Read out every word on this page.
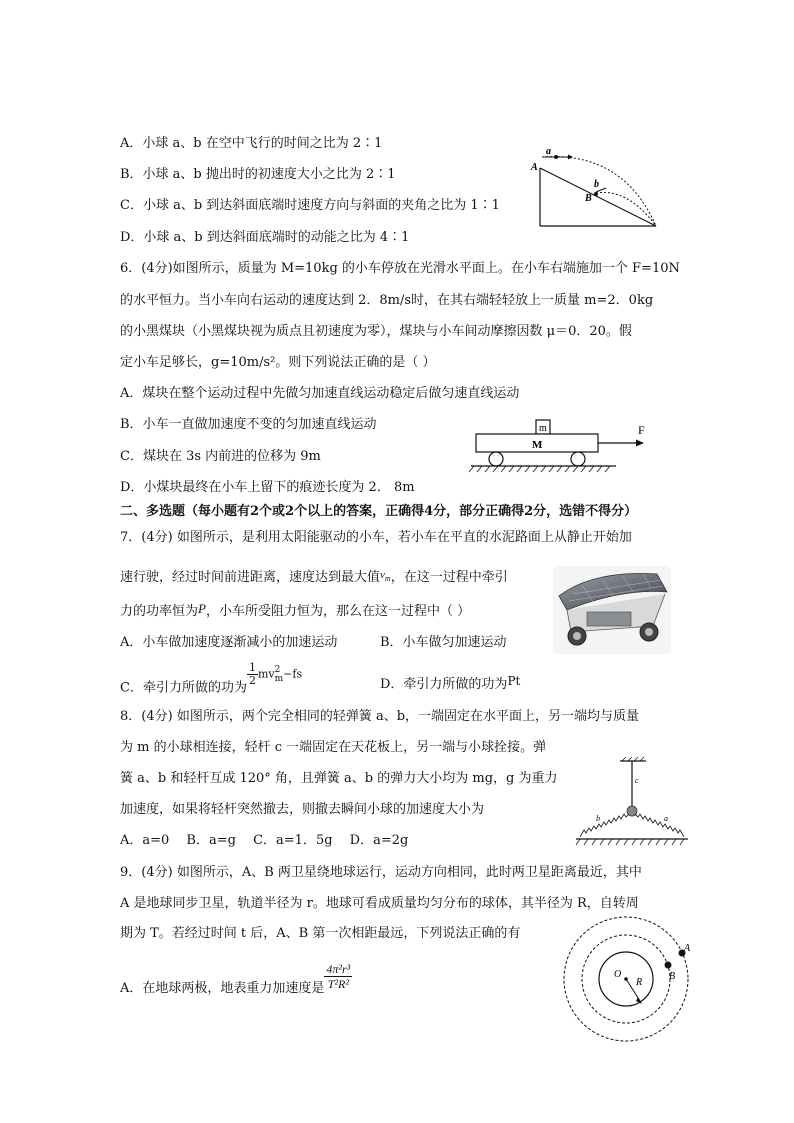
A．小球 a、b 在空中飞行的时间之比为 2∶1
B．小球 a、b 抛出时的初速度大小之比为 2∶1
C．小球 a、b 到达斜面底端时速度方向与斜面的夹角之比为 1∶1
D．小球 a、b 到达斜面底端时的动能之比为 4∶1
a
A
b
B
6．(4分)如图所示，质量为 M=10kg 的小车停放在光滑水平面上。在小车右端施加一个 F=10N
的水平恒力。当小车向右运动的速度达到 2．8m/s时，在其右端轻轻放上一质量 m=2．0kg
的小黑煤块（小黑煤块视为质点且初速度为零），煤块与小车间动摩擦因数 μ＝0．20。假
定小车足够长，g=10m/s²。则下列说法正确的是（ ）
A．煤块在整个运动过程中先做匀加速直线运动稳定后做匀速直线运动
B．小车一直做加速度不变的匀加速直线运动
C．煤块在 3s 内前进的位移为 9m
D．小煤块最终在小车上留下的痕迹长度为 2． 8m
m
M
F
二、多选题（每小题有2个或2个以上的答案，正确得4分，部分正确得2分，选错不得分）
7．(4分) 如图所示，是利用太阳能驱动的小车，若小车在平直的水泥路面上从静止开始加
速行驶，经过时间前进距离，速度达到最大值$^{v_m}$，在这一过程中牵引
力的功率恒为P，小车所受阻力恒为，那么在这一过程中（ ）
A．小车做加速度逐渐减小的加速运动	B．小车做匀加速运动
C．牵引力所做的功为
$\frac{1}{2}$ mv 2
m −fs
D．牵引力所做的功为Pt
8．(4分) 如图所示，两个完全相同的轻弹簧 a、b，一端固定在水平面上，另一端均与质量
为 m 的小球相连接，轻杆 c 一端固定在天花板上，另一端与小球拴接。弹
簧 a、b 和轻杆互成 120° 角，且弹簧 a、b 的弹力大小均为 mg，g 为重力
加速度，如果将轻杆突然撤去，则撤去瞬间小球的加速度大小为
A．a=0　 B．a=g　 C．a=1．5g　 D．a=2g
c
b	a
9．(4分) 如图所示，A、B 两卫星绕地球运行，运动方向相同，此时两卫星距离最近，其中
A 是地球同步卫星，轨道半径为 r。地球可看成质量均匀分布的球体，其半径为 R，自转周
期为 T。若经过时间 t 后，A、B 第一次相距最远，下列说法正确的有
A．在地球两极，地表重力加速度是 $\frac{\text{4π²r³}}{\text{T²R²}}$	O
R
B
A
